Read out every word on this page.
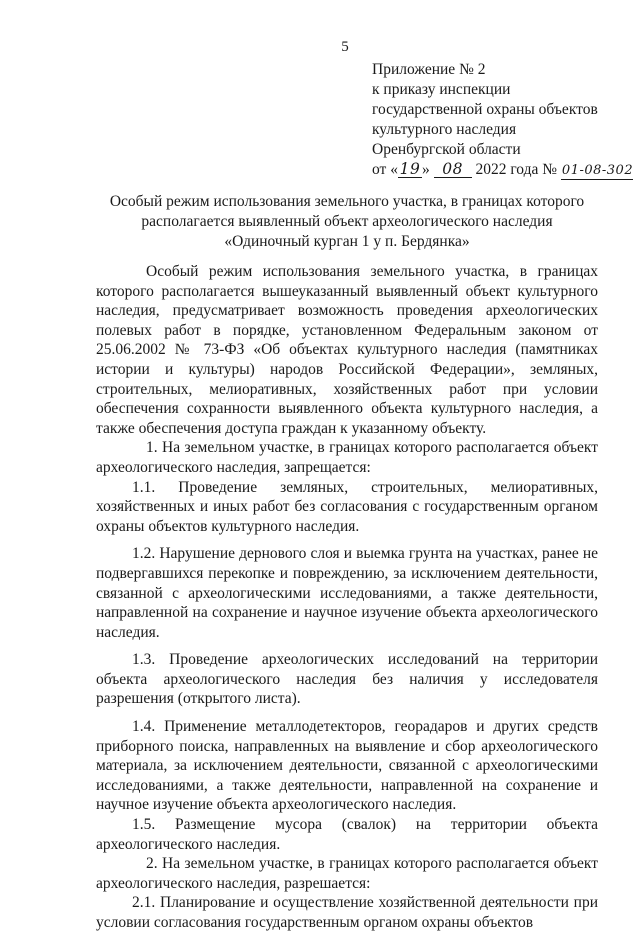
5
Приложение № 2
к приказу инспекции
государственной охраны объектов
культурного наследия
Оренбургской области
от « 19 » 08 2022 года № 01-08-302
Особый режим использования земельного участка, в границах которого
располагается выявленный объект археологического наследия
«Одиночный курган 1 у п. Бердянка»

Особый режим использования земельного участка, в границах которого располагается вышеуказанный выявленный объект культурного наследия, предусматривает возможность проведения археологических полевых работ в порядке, установленном Федеральным законом от 25.06.2002 № 73-ФЗ «Об объектах культурного наследия (памятниках истории и культуры) народов Российской Федерации», земляных, строительных, мелиоративных, хозяйственных работ при условии обеспечения сохранности выявленного объекта культурного наследия, а также обеспечения доступа граждан к указанному объекту.

1. На земельном участке, в границах которого располагается объект археологического наследия, запрещается:

1.1. Проведение земляных, строительных, мелиоративных, хозяйственных и иных работ без согласования с государственным органом охраны объектов культурного наследия.

1.2. Нарушение дернового слоя и выемка грунта на участках, ранее не подвергавшихся перекопке и повреждению, за исключением деятельности, связанной с археологическими исследованиями, а также деятельности, направленной на сохранение и научное изучение объекта археологического наследия.

1.3. Проведение археологических исследований на территории объекта археологического наследия без наличия у исследователя разрешения (открытого листа).

1.4. Применение металлодетекторов, георадаров и других средств приборного поиска, направленных на выявление и сбор археологического материала, за исключением деятельности, связанной с археологическими исследованиями, а также деятельности, направленной на сохранение и научное изучение объекта археологического наследия.

1.5. Размещение мусора (свалок) на территории объекта археологического наследия.

2. На земельном участке, в границах которого располагается объект археологического наследия, разрешается:

2.1. Планирование и осуществление хозяйственной деятельности при условии согласования государственным органом охраны объектов
